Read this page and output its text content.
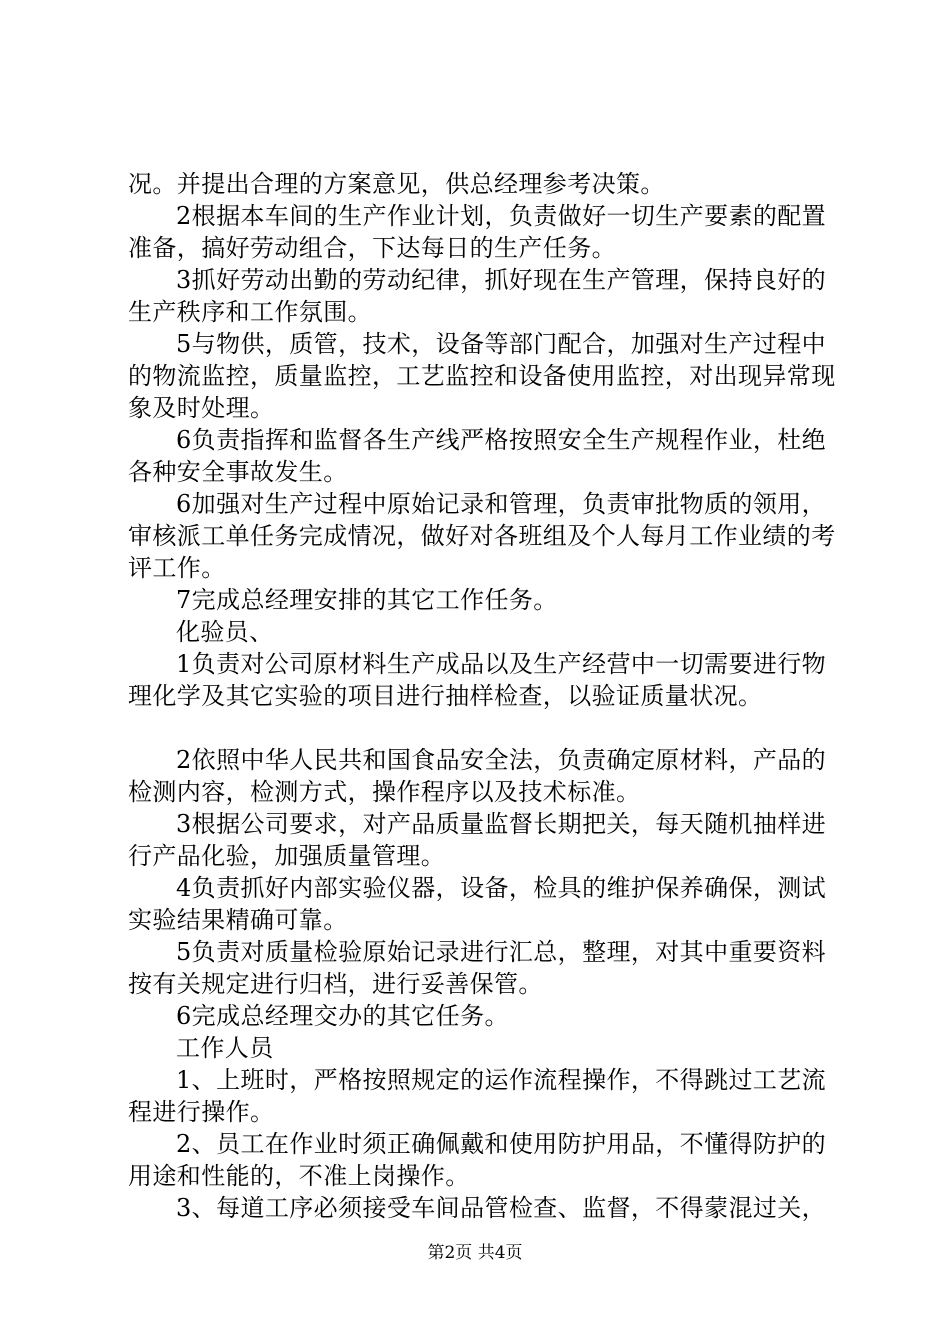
况。并提出合理的方案意见，供总经理参考决策。

2根据本车间的生产作业计划，负责做好一切生产要素的配置准备，搞好劳动组合，下达每日的生产任务。

3抓好劳动出勤的劳动纪律，抓好现在生产管理，保持良好的生产秩序和工作氛围。

5与物供，质管，技术，设备等部门配合，加强对生产过程中的物流监控，质量监控，工艺监控和设备使用监控，对出现异常现象及时处理。

6负责指挥和监督各生产线严格按照安全生产规程作业，杜绝各种安全事故发生。

6加强对生产过程中原始记录和管理，负责审批物质的领用，审核派工单任务完成情况，做好对各班组及个人每月工作业绩的考评工作。

7完成总经理安排的其它工作任务。

化验员、

1负责对公司原材料生产成品以及生产经营中一切需要进行物理化学及其它实验的项目进行抽样检查，以验证质量状况。

2依照中华人民共和国食品安全法，负责确定原材料，产品的检测内容，检测方式，操作程序以及技术标准。

3根据公司要求，对产品质量监督长期把关，每天随机抽样进行产品化验，加强质量管理。

4负责抓好内部实验仪器，设备，检具的维护保养确保，测试实验结果精确可靠。

5负责对质量检验原始记录进行汇总，整理，对其中重要资料按有关规定进行归档，进行妥善保管。

6完成总经理交办的其它任务。

工作人员

1、上班时，严格按照规定的运作流程操作，不得跳过工艺流程进行操作。

2、员工在作业时须正确佩戴和使用防护用品，不懂得防护的用途和性能的，不准上岗操作。

3、每道工序必须接受车间品管检查、监督，不得蒙混过关，

第2页 共4页
